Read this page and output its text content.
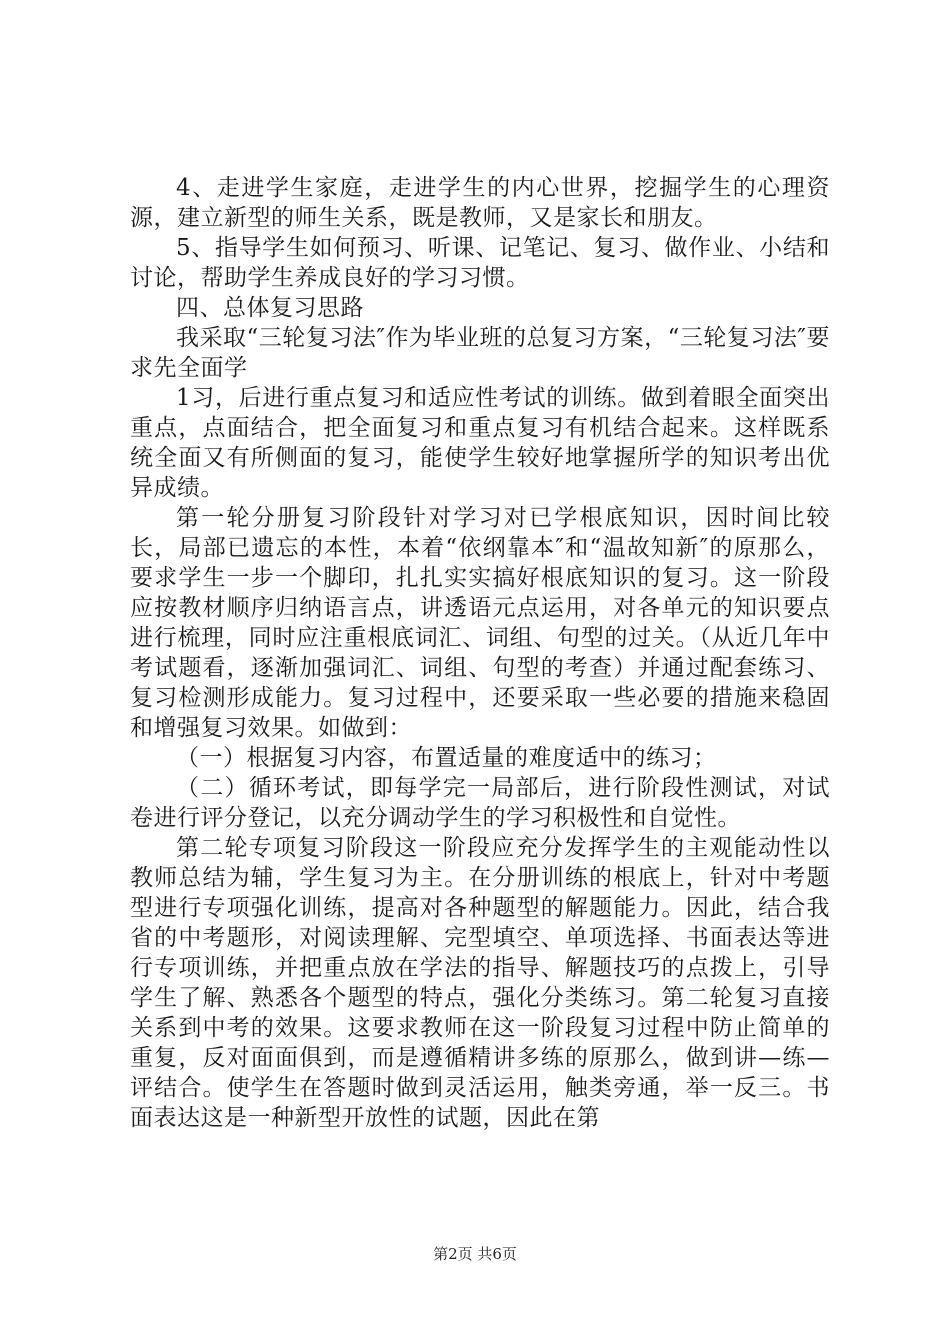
4、走进学生家庭，走进学生的内心世界，挖掘学生的心理资源，建立新型的师生关系，既是教师，又是家长和朋友。

5、指导学生如何预习、听课、记笔记、复习、做作业、小结和讨论，帮助学生养成良好的学习习惯。

四、总体复习思路

我采取“三轮复习法″作为毕业班的总复习方案，“三轮复习法″要求先全面学

1习，后进行重点复习和适应性考试的训练。做到着眼全面突出重点，点面结合，把全面复习和重点复习有机结合起来。这样既系统全面又有所侧面的复习，能使学生较好地掌握所学的知识考出优异成绩。

第一轮分册复习阶段针对学习对已学根底知识，因时间比较长，局部已遗忘的本性，本着“依纲靠本″和“温故知新″的原那么，要求学生一步一个脚印，扎扎实实搞好根底知识的复习。这一阶段应按教材顺序归纳语言点，讲透语元点运用，对各单元的知识要点进行梳理，同时应注重根底词汇、词组、句型的过关。（从近几年中考试题看，逐渐加强词汇、词组、句型的考查）并通过配套练习、复习检测形成能力。复习过程中，还要采取一些必要的措施来稳固和增强复习效果。如做到：

（一）根据复习内容，布置适量的难度适中的练习；

（二）循环考试，即每学完一局部后，进行阶段性测试，对试卷进行评分登记，以充分调动学生的学习积极性和自觉性。

第二轮专项复习阶段这一阶段应充分发挥学生的主观能动性以教师总结为辅，学生复习为主。在分册训练的根底上，针对中考题型进行专项强化训练，提高对各种题型的解题能力。因此，结合我省的中考题形，对阅读理解、完型填空、单项选择、书面表达等进行专项训练，并把重点放在学法的指导、解题技巧的点拨上，引导学生了解、熟悉各个题型的特点，强化分类练习。第二轮复习直接关系到中考的效果。这要求教师在这一阶段复习过程中防止简单的重复，反对面面俱到，而是遵循精讲多练的原那么，做到讲—练—评结合。使学生在答题时做到灵活运用，触类旁通，举一反三。书面表达这是一种新型开放性的试题，因此在第

第2页 共6页
